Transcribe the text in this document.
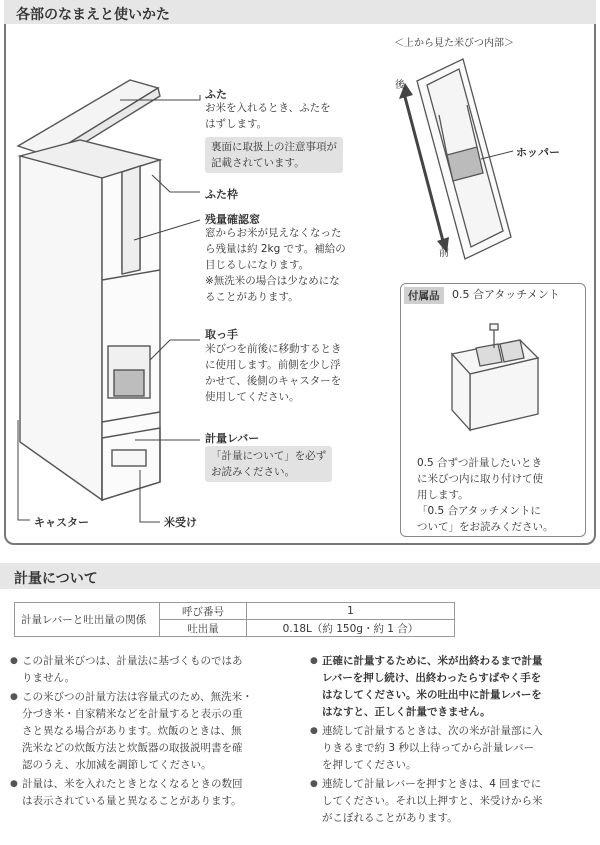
各部のなまえと使いかた
ふた
お米を入れるとき、ふたを
はずします。
裏面に取扱上の注意事項が
記載されています。
ふた枠
残量確認窓
窓からお米が見えなくなった
ら残量は約 2kg です。補給の
目じるしになります。
※無洗米の場合は少なめにな
ることがあります。
取っ手
米びつを前後に移動するとき
に使用します。前側を少し浮
かせて、後側のキャスターを
使用してください。
計量レバー
「計量について」を必ず
お読みください。
キャスター	米受け
＜上から見た米びつ内部＞
後
前
ホッパー
付属品	0.5 合アタッチメント
0.5 合ずつ計量したいとき
に米びつ内に取り付けて使
用します。
「0.5 合アタッチメントに
ついて」をお読みください。
計量について
計量レバーと吐出量の関係	呼び番号	1
	吐出量	0.18L（約 150g・約 1 合）
● この計量米びつは、計量法に基づくものではあ
りません。
● この米びつの計量方法は容量式のため、無洗米・
分づき米・自家精米などを計量すると表示の重
さと異なる場合があります。炊飯のときは、無
洗米などの炊飯方法と炊飯器の取扱説明書を確
認のうえ、水加減を調節してください。
● 計量は、米を入れたときとなくなるときの数回
は表示されている量と異なることがあります。
● 正確に計量するために、米が出終わるまで計量
レバーを押し続け、出終わったらすばやく手を
はなしてください。米の吐出中に計量レバーを
はなすと、正しく計量できません。
● 連続して計量するときは、次の米が計量部に入
りきるまで約 3 秒以上待ってから計量レバー
を押してください。
● 連続して計量レバーを押すときは、4 回までに
してください。それ以上押すと、米受けから米
がこぼれることがあります。
